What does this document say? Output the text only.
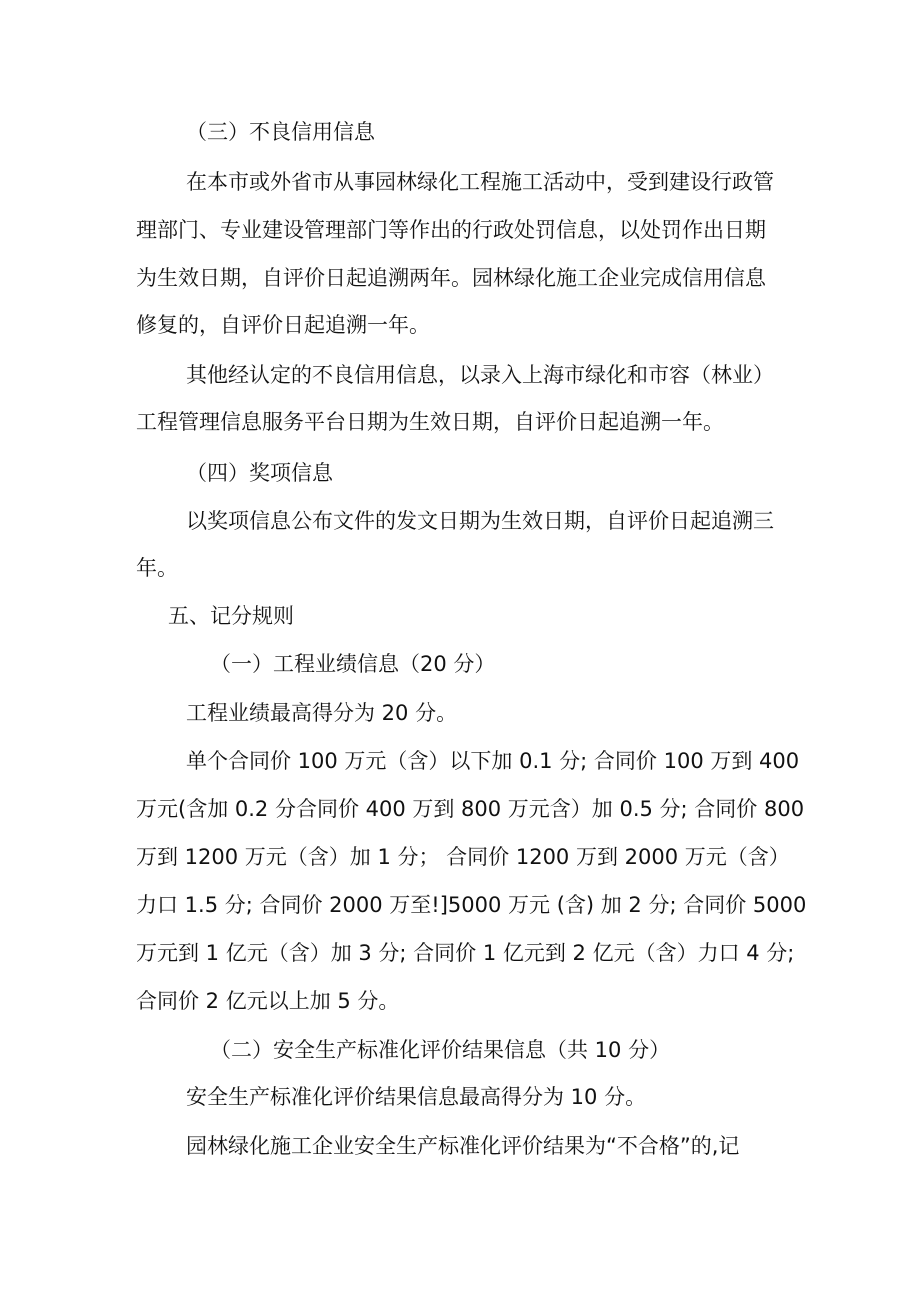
（三）不良信用信息
在本市或外省市从事园林绿化工程施工活动中，受到建设行政管
理部门、专业建设管理部门等作出的行政处罚信息，以处罚作出日期
为生效日期，自评价日起追溯两年。园林绿化施工企业完成信用信息
修复的，自评价日起追溯一年。
其他经认定的不良信用信息，以录入上海市绿化和市容（林业）
工程管理信息服务平台日期为生效日期，自评价日起追溯一年。
（四）奖项信息
以奖项信息公布文件的发文日期为生效日期，自评价日起追溯三
年。
五、记分规则
（一）工程业绩信息（20 分）
工程业绩最高得分为 20 分。
单个合同价 100 万元（含）以下加 0.1 分; 合同价 100 万到 400
万元(含加 0.2 分合同价 400 万到 800 万元含）加 0.5 分; 合同价 800
万到 1200 万元（含）加 1 分； 合同价 1200 万到 2000 万元（含）
力口 1.5 分; 合同价 2000 万至!]5000 万元 (含) 加 2 分; 合同价 5000
万元到 1 亿元（含）加 3 分; 合同价 1 亿元到 2 亿元（含）力口 4 分;
合同价 2 亿元以上加 5 分。
（二）安全生产标准化评价结果信息（共 10 分）
安全生产标准化评价结果信息最高得分为 10 分。
园林绿化施工企业安全生产标准化评价结果为“不合格”的,记
